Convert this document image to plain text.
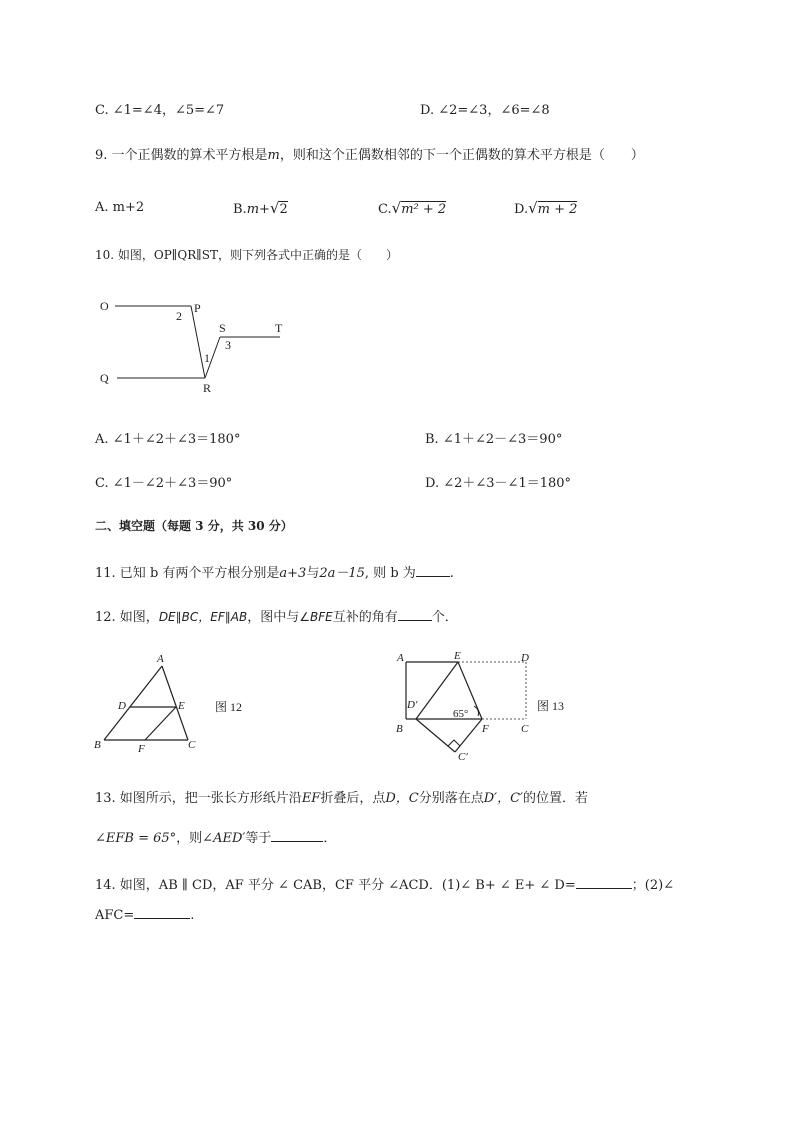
C. ∠1=∠4，∠5=∠7	D. ∠2=∠3，∠6=∠8
9. 一个正偶数的算术平方根是m，则和这个正偶数相邻的下一个正偶数的算术平方根是（　　）
A. m+2	B.m+√2	C.√m² + 2	D.√m + 2
10. 如图，OP∥QR∥ST，则下列各式中正确的是（　　）
O	P
Q
R
S	T
2
1
3
A. ∠1＋∠2＋∠3＝180°	B. ∠1＋∠2－∠3＝90°
C. ∠1－∠2＋∠3＝90°	D. ∠2＋∠3－∠1＝180°
二、填空题（每题 3 分，共 30 分）
11. 已知 b 有两个平方根分别是a+3与2a－15, 则 b 为	.
12. 如图，DE∥BC，EF∥AB，图中与∠BFE互补的角有	个．
A
D	E
B	F	C
图 12
A	E	D
D′
65°
B	F	C
C′
图 13
13. 如图所示，把一张长方形纸片沿EF折叠后，点D，C分别落在点D′，C′的位置．若
∠EFB = 65°，则∠AED′等于	．
14. 如图，AB ∥ CD，AF 平分 ∠ CAB，CF 平分 ∠ACD．(1)∠ B+ ∠ E+ ∠ D=	；(2)∠
AFC=	.
